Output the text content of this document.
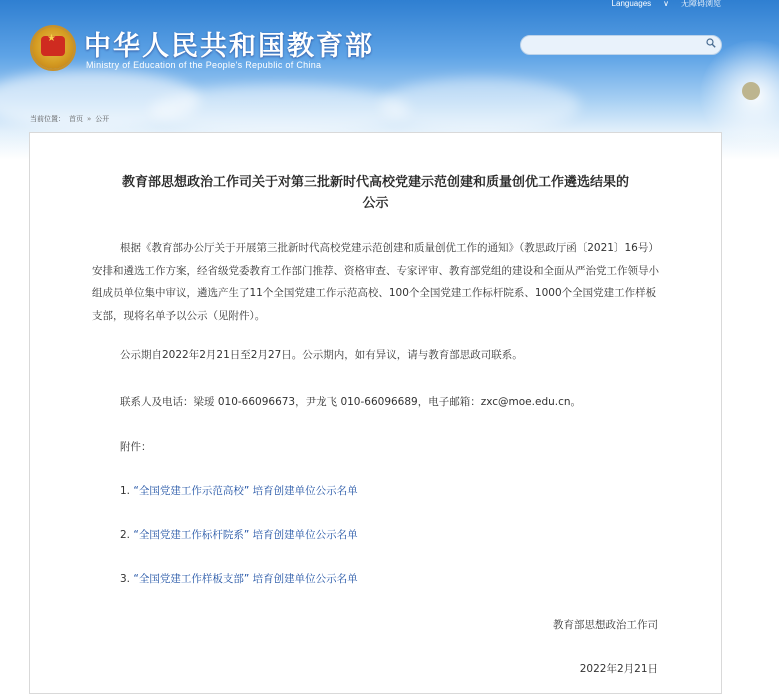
Languages ∨ 无障碍浏览
★ 中华人民共和国教育部
Ministry of Education of the People's Republic of China
当前位置： 首页 » 公开
教育部思想政治工作司关于对第三批新时代高校党建示范创建和质量创优工作遴选结果的
公示
根据《教育部办公厅关于开展第三批新时代高校党建示范创建和质量创优工作的通知》（教思政厅函〔2021〕16号）安排和遴选工作方案，经省级党委教育工作部门推荐、资格审查、专家评审、教育部党组的建设和全面从严治党工作领导小组成员单位集中审议，遴选产生了11个全国党建工作示范高校、100个全国党建工作标杆院系、1000个全国党建工作样板支部，现将名单予以公示（见附件）。
公示期自2022年2月21日至2月27日。公示期内，如有异议，请与教育部思政司联系。
联系人及电话：梁瑷 010-66096673，尹龙飞 010-66096689，电子邮箱：zxc@moe.edu.cn。
附件：
1. “全国党建工作示范高校” 培育创建单位公示名单
2. “全国党建工作标杆院系” 培育创建单位公示名单
3. “全国党建工作样板支部” 培育创建单位公示名单
教育部思想政治工作司
2022年2月21日
